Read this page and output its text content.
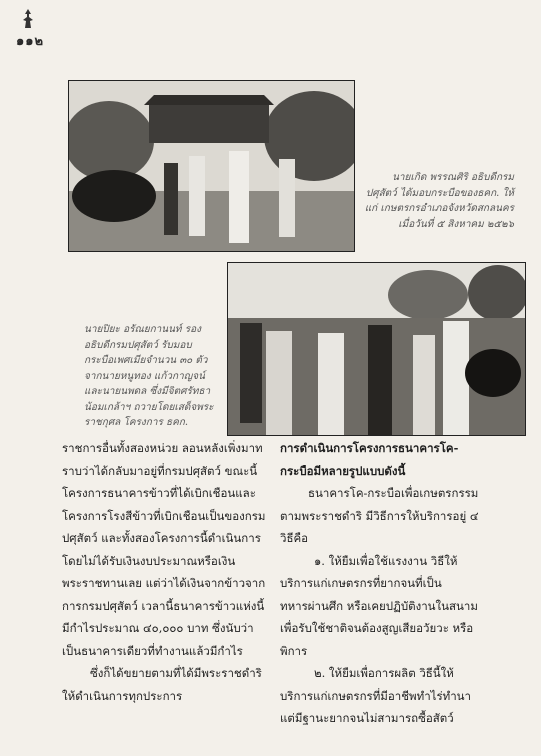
๑๑๒
นายเกิด พรรณศิริ อธิบดีกรมปศุสัตว์ ได้มอบกระบือของธคก. ให้แก่ เกษตรกรอำเภอจังหวัดสกลนคร เมื่อวันที่ ๕ สิงหาคม ๒๕๒๖
นายปิยะ อรัณยกานนท์ รองอธิบดีกรมปศุสัตว์ รับมอบกระบือเพศเมียจำนวน ๓๐ ตัว จากนายหนูทอง แก้วกาญจน์ และนายนพดล ซึ่งมีจิตศรัทธาน้อมเกล้าฯ ถวายโดยเสด็จพระราชกุศล โครงการ ธคก.

ราชการอื่นทั้งสองหน่วย ลอนหลังเพิ่งมาทราบว่าได้กลับมาอยู่ที่กรมปศุสัตว์ ขณะนี้โครงการธนาคารข้าวที่ได้เบิกเชือนและโครงการโรงสีข้าวที่เบิกเชือนเป็นของกรมปศุสัตว์ และทั้งสองโครงการนี้ดำเนินการโดยไม่ได้รับเงินงบประมาณหรือเงินพระราชทานเลย แต่ว่าได้เงินจากข้าวจากการกรมปศุสัตว์ เวลานี้ธนาคารข้าวแห่งนี้มีกำไรประมาณ ๔๐,๐๐๐ บาท ซึ่งนับว่าเป็นธนาคารเดียวที่ทำงานแล้วมีกำไร

ซึ่งก็ได้ขยายตามที่ได้มีพระราชดำริให้ดำเนินการทุกประการ

การดำเนินการโครงการธนาคารโค-กระบือมีหลายรูปแบบดังนี้

ธนาคารโค-กระบือเพื่อเกษตรกรรมตามพระราชดำริ มีวิธีการให้บริการอยู่ ๔ วิธีคือ

๑. ให้ยืมเพื่อใช้แรงงาน วิธีให้บริการแก่เกษตรกรที่ยากจนที่เป็นทหารผ่านศึก หรือเคยปฏิบัติงานในสนาม เพื่อรับใช้ชาติจนต้องสูญเสียอวัยวะ หรือพิการ

๒. ให้ยืมเพื่อการผลิต วิธีนี้ให้บริการแก่เกษตรกรที่มีอาชีพทำไร่ทำนาแต่มีฐานะยากจนไม่สามารถซื้อสัตว์
